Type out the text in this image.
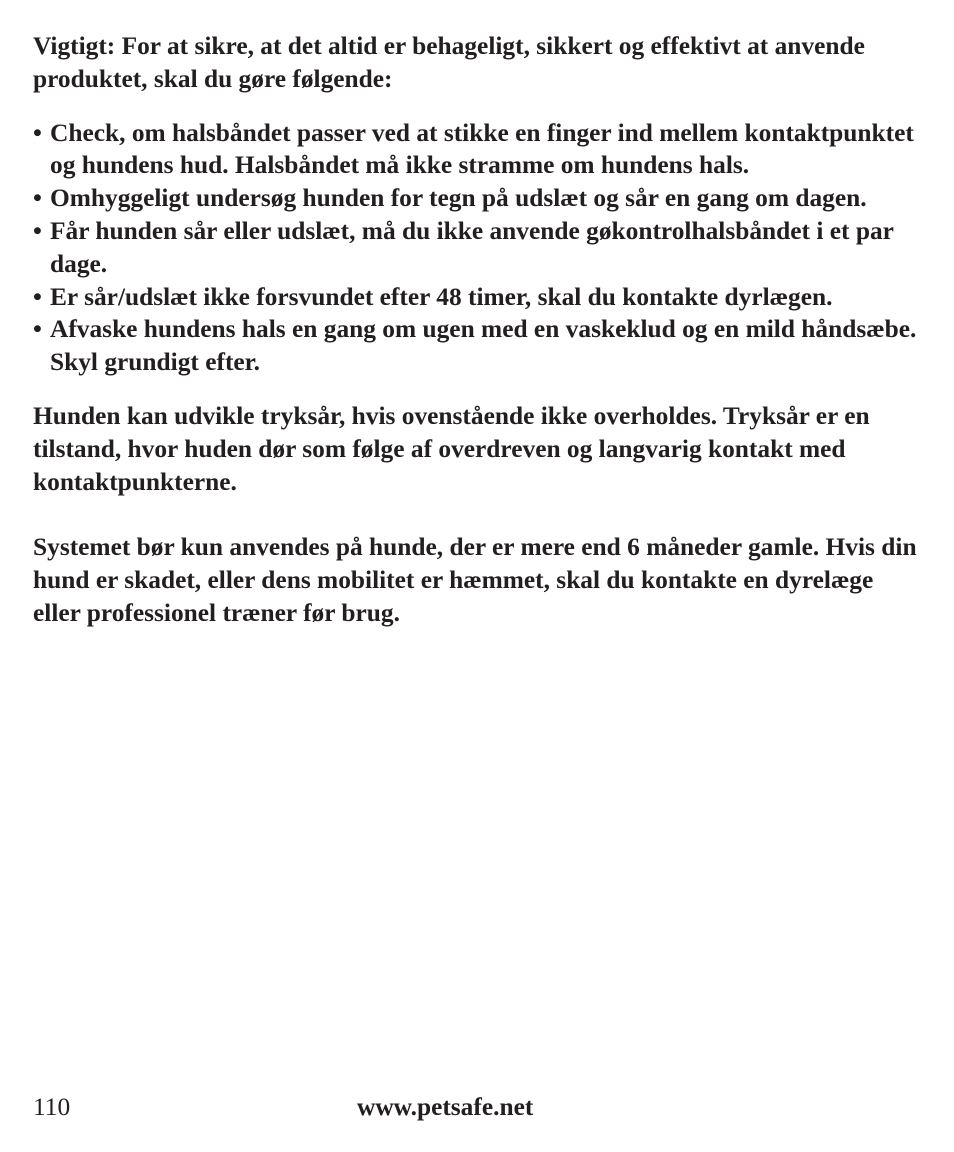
Vigtigt: For at sikre, at det altid er behageligt, sikkert og effektivt at anvende produktet, skal du gøre følgende:

• Check, om halsbåndet passer ved at stikke en finger ind mellem kontaktpunktet og hundens hud. Halsbåndet må ikke stramme om hundens hals.
• Omhyggeligt undersøg hunden for tegn på udslæt og sår en gang om dagen.
• Får hunden sår eller udslæt, må du ikke anvende gøkontrolhalsbåndet i et par dage.
• Er sår/udslæt ikke forsvundet efter 48 timer, skal du kontakte dyrlægen.
• Afvaske hundens hals en gang om ugen med en vaskeklud og en mild håndsæbe. Skyl grundigt efter.

Hunden kan udvikle tryksår, hvis ovenstående ikke overholdes. Tryksår er en tilstand, hvor huden dør som følge af overdreven og langvarig kontakt med kontaktpunkterne.

Systemet bør kun anvendes på hunde, der er mere end 6 måneder gamle. Hvis din hund er skadet, eller dens mobilitet er hæmmet, skal du kontakte en dyrelæge eller professionel træner før brug.

110	www.petsafe.net
